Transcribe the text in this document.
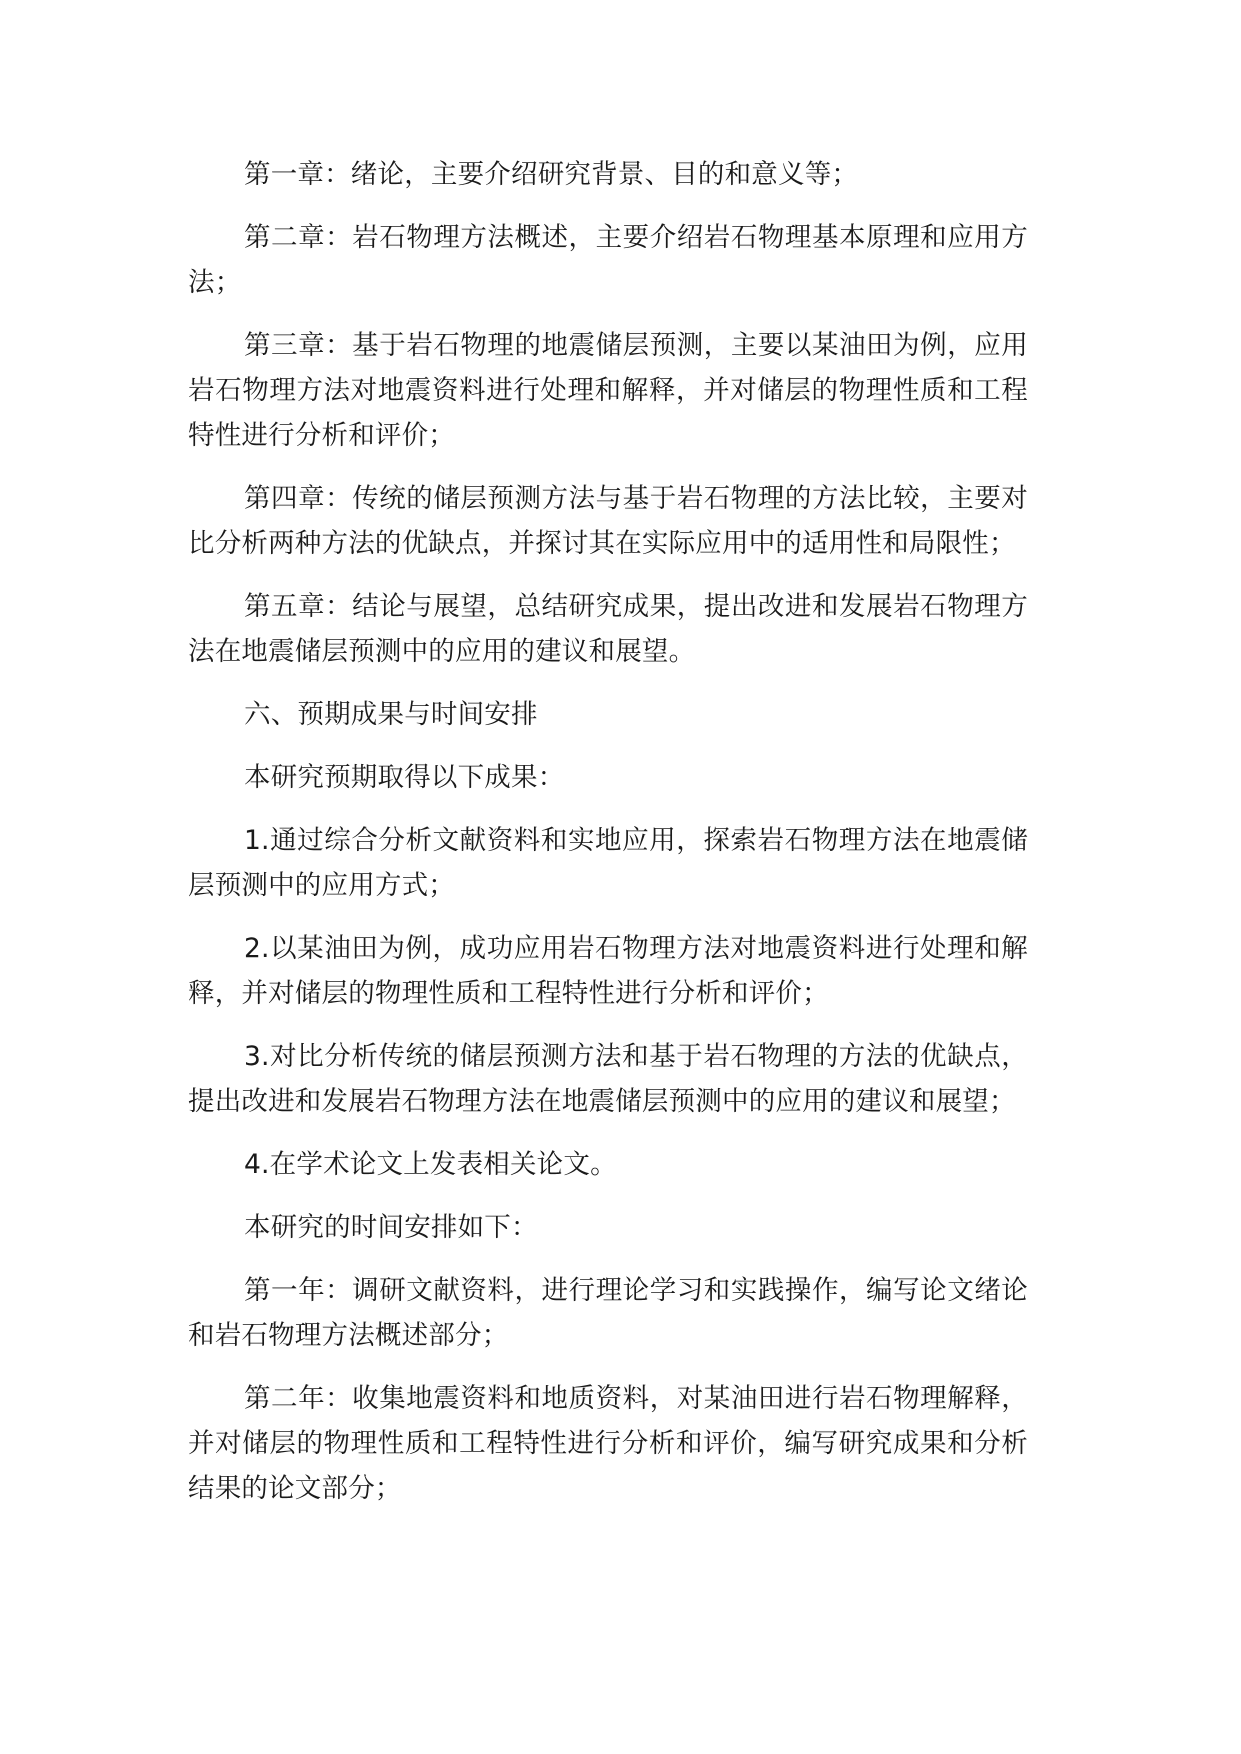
第一章：绪论，主要介绍研究背景、目的和意义等；

第二章：岩石物理方法概述，主要介绍岩石物理基本原理和应用方法；

第三章：基于岩石物理的地震储层预测，主要以某油田为例，应用岩石物理方法对地震资料进行处理和解释，并对储层的物理性质和工程特性进行分析和评价；

第四章：传统的储层预测方法与基于岩石物理的方法比较，主要对比分析两种方法的优缺点，并探讨其在实际应用中的适用性和局限性；

第五章：结论与展望，总结研究成果，提出改进和发展岩石物理方法在地震储层预测中的应用的建议和展望。

六、预期成果与时间安排

本研究预期取得以下成果：

1.通过综合分析文献资料和实地应用，探索岩石物理方法在地震储层预测中的应用方式；

2.以某油田为例，成功应用岩石物理方法对地震资料进行处理和解释，并对储层的物理性质和工程特性进行分析和评价；

3.对比分析传统的储层预测方法和基于岩石物理的方法的优缺点，提出改进和发展岩石物理方法在地震储层预测中的应用的建议和展望；

4.在学术论文上发表相关论文。

本研究的时间安排如下：

第一年：调研文献资料，进行理论学习和实践操作，编写论文绪论和岩石物理方法概述部分；

第二年：收集地震资料和地质资料，对某油田进行岩石物理解释，并对储层的物理性质和工程特性进行分析和评价，编写研究成果和分析结果的论文部分；
